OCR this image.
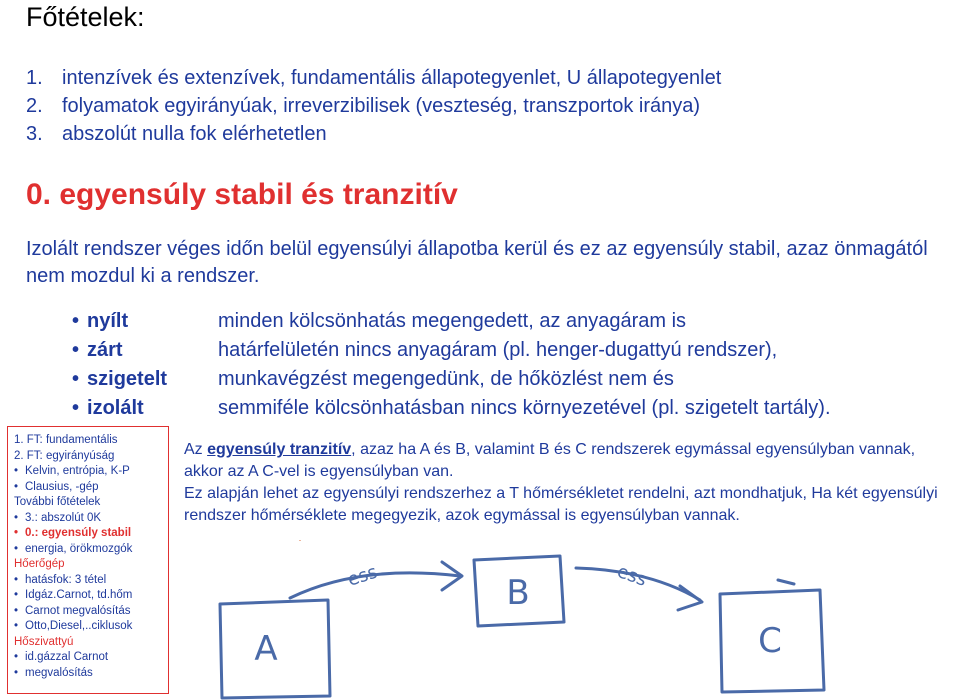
Főtételek:
1. intenzívek és extenzívek, fundamentális állapotegyenlet, U állapotegyenlet
2. folyamatok egyirányúak, irreverzibilisek (veszteség, transzportok iránya)
3. abszolút nulla fok elérhetetlen
0. egyensúly stabil és tranzitív
Izolált rendszer véges időn belül egyensúlyi állapotba kerül és ez az egyensúly stabil, azaz önmagától nem mozdul ki a rendszer.
• nyílt	minden kölcsönhatás megengedett, az anyagáram is
• zárt	határfelületén nincs anyagáram (pl. henger-dugattyú rendszer),
• szigetelt	munkavégzést megengedünk, de hőközlést nem és
• izolált	semmiféle kölcsönhatásban nincs környezetével (pl. szigetelt tartály).
1. FT: fundamentális
2. FT: egyirányúság
• Kelvin, entrópia, K-P
• Clausius, -gép
További főtételek
• 3.: abszolút 0K
• 0.: egyensúly stabil
• energia, örökmozgók
Hőerőgép
• hatásfok: 3 tétel
• Idgáz.Carnot, td.hőm
• Carnot megvalósítás
• Otto,Diesel,..ciklusok
Hőszivattyú
• id.gázzal Carnot
• megvalósítás
Az egyensúly tranzitív, azaz ha A és B, valamint B és C rendszerek egymással egyensúlyban vannak, akkor az A C-vel is egyensúlyban van.
Ez alapján lehet az egyensúlyi rendszerhez a T hőmérsékletet rendelni, azt mondhatjuk, Ha két egyensúlyi rendszer hőmérséklete megegyezik, azok egymással is egyensúlyban vannak.
A
B
C
ess	ess
